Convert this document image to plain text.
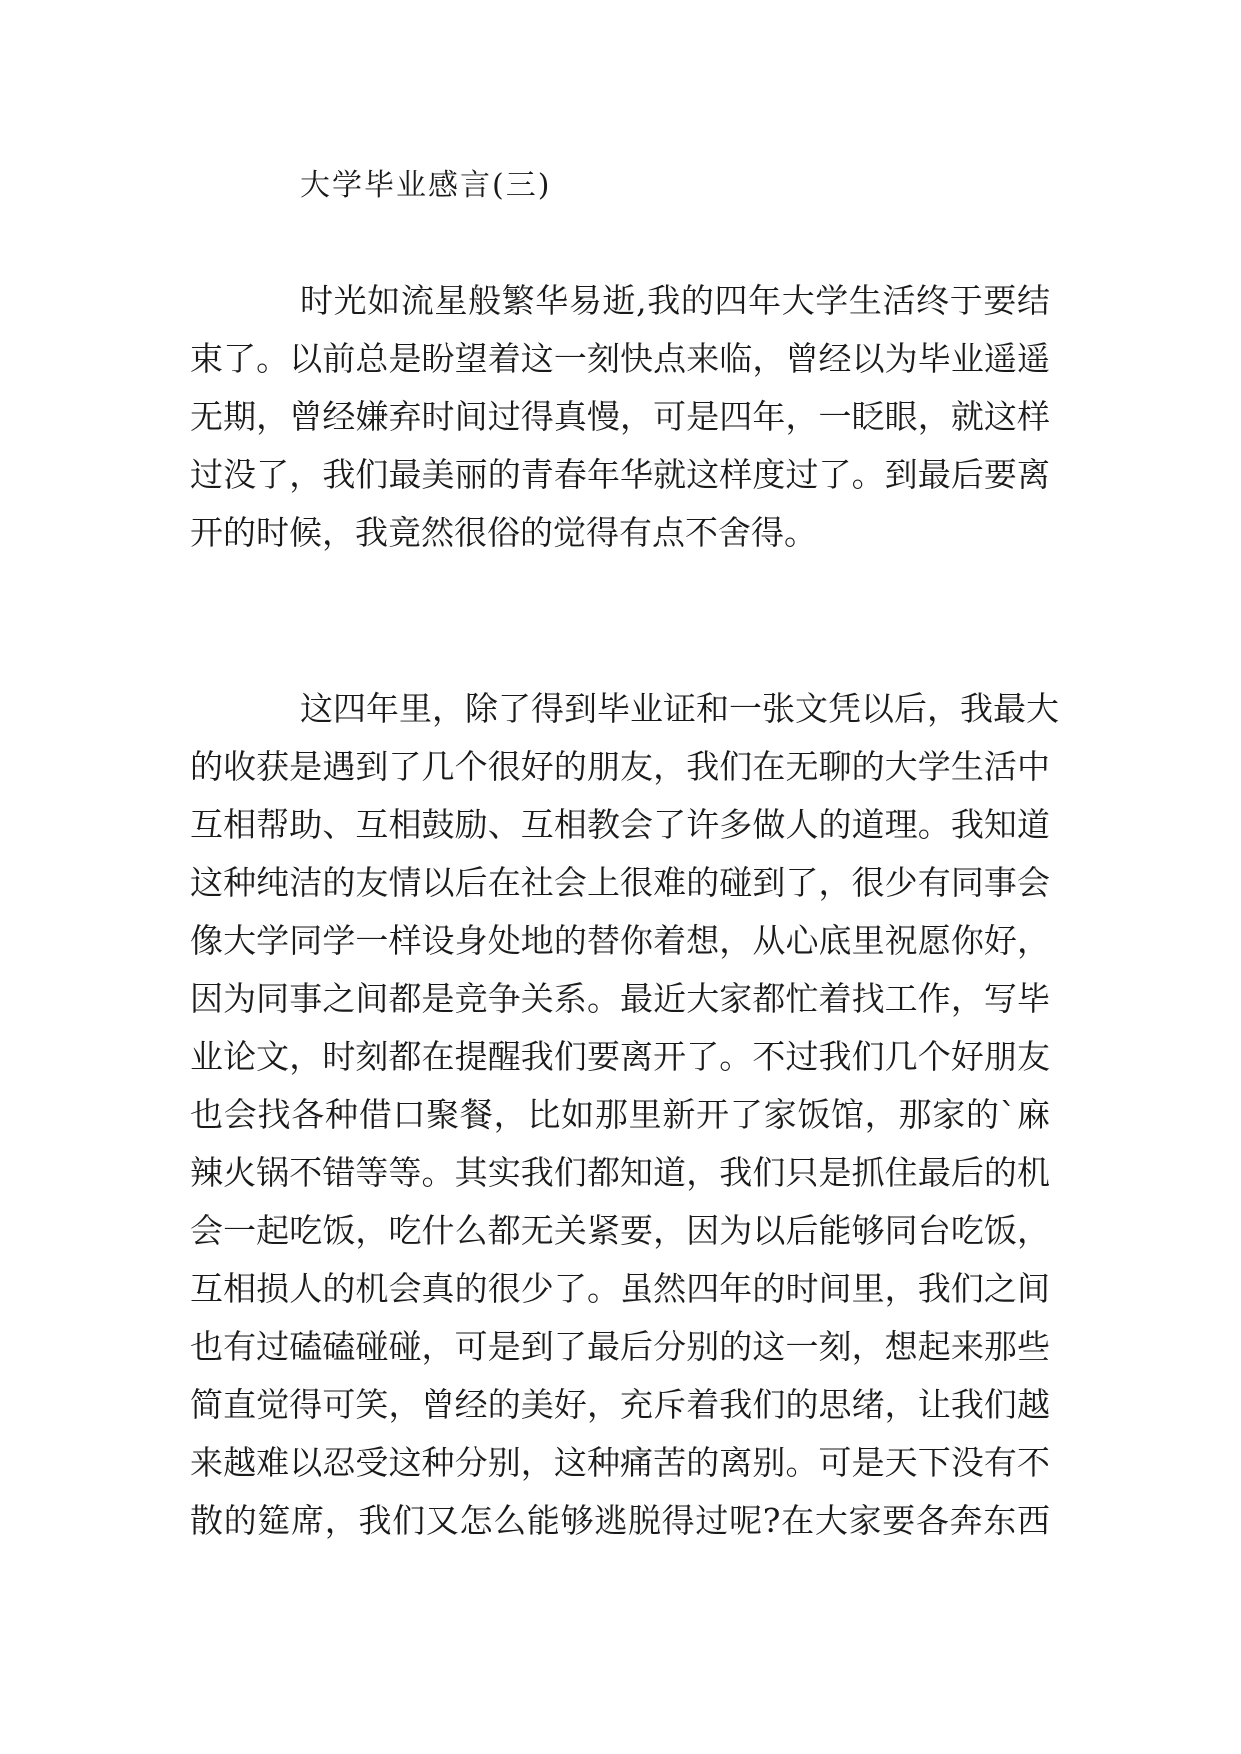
大学毕业感言(三)
时光如流星般繁华易逝,我的四年大学生活终于要结
束了。以前总是盼望着这一刻快点来临，曾经以为毕业遥遥
无期，曾经嫌弃时间过得真慢，可是四年，一眨眼，就这样
过没了，我们最美丽的青春年华就这样度过了。到最后要离
开的时候，我竟然很俗的觉得有点不舍得。
这四年里，除了得到毕业证和一张文凭以后，我最大
的收获是遇到了几个很好的朋友，我们在无聊的大学生活中
互相帮助、互相鼓励、互相教会了许多做人的道理。我知道
这种纯洁的友情以后在社会上很难的碰到了，很少有同事会
像大学同学一样设身处地的替你着想，从心底里祝愿你好，
因为同事之间都是竞争关系。最近大家都忙着找工作，写毕
业论文，时刻都在提醒我们要离开了。不过我们几个好朋友
也会找各种借口聚餐，比如那里新开了家饭馆，那家的`麻
辣火锅不错等等。其实我们都知道，我们只是抓住最后的机
会一起吃饭，吃什么都无关紧要，因为以后能够同台吃饭，
互相损人的机会真的很少了。虽然四年的时间里，我们之间
也有过磕磕碰碰，可是到了最后分别的这一刻，想起来那些
简直觉得可笑，曾经的美好，充斥着我们的思绪，让我们越
来越难以忍受这种分别，这种痛苦的离别。可是天下没有不
散的筵席，我们又怎么能够逃脱得过呢?在大家要各奔东西
